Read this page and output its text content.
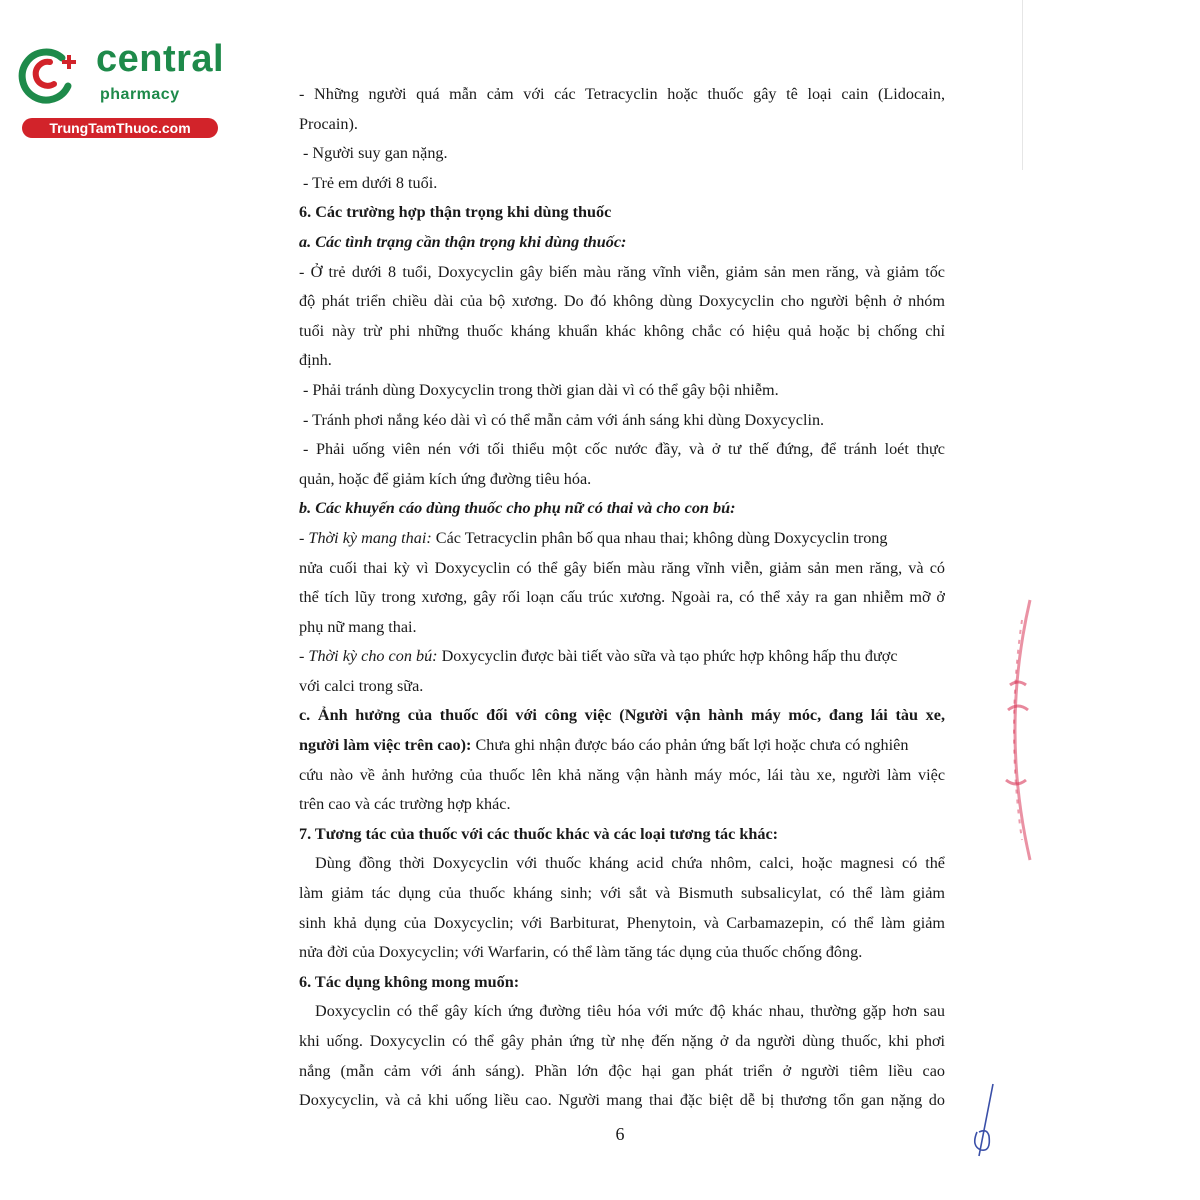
central
pharmacy
TrungTamThuoc.com
- Những người quá mẫn cảm với các Tetracyclin hoặc thuốc gây tê loại cain (Lidocain,
Procain).
- Người suy gan nặng.
- Trẻ em dưới 8 tuổi.
6. Các trường hợp thận trọng khi dùng thuốc
a. Các tình trạng cần thận trọng khi dùng thuốc:
- Ở trẻ dưới 8 tuổi, Doxycyclin gây biến màu răng vĩnh viễn, giảm sản men răng, và giảm tốc
độ phát triển chiều dài của bộ xương. Do đó không dùng Doxycyclin cho người bệnh ở nhóm
tuổi này trừ phi những thuốc kháng khuẩn khác không chắc có hiệu quả hoặc bị chống chỉ
định.
- Phải tránh dùng Doxycyclin trong thời gian dài vì có thể gây bội nhiễm.
- Tránh phơi nắng kéo dài vì có thể mẫn cảm với ánh sáng khi dùng Doxycyclin.
- Phải uống viên nén với tối thiểu một cốc nước đầy, và ở tư thế đứng, để tránh loét thực
quản, hoặc để giảm kích ứng đường tiêu hóa.
b. Các khuyến cáo dùng thuốc cho phụ nữ có thai và cho con bú:
- Thời kỳ mang thai: Các Tetracyclin phân bố qua nhau thai; không dùng Doxycyclin trong
nửa cuối thai kỳ vì Doxycyclin có thể gây biến màu răng vĩnh viễn, giảm sản men răng, và có
thể tích lũy trong xương, gây rối loạn cấu trúc xương. Ngoài ra, có thể xảy ra gan nhiễm mỡ ở
phụ nữ mang thai.
- Thời kỳ cho con bú: Doxycyclin được bài tiết vào sữa và tạo phức hợp không hấp thu được
với calci trong sữa.
c. Ảnh hưởng của thuốc đối với công việc (Người vận hành máy móc, đang lái tàu xe,
người làm việc trên cao): Chưa ghi nhận được báo cáo phản ứng bất lợi hoặc chưa có nghiên
cứu nào về ảnh hưởng của thuốc lên khả năng vận hành máy móc, lái tàu xe, người làm việc
trên cao và các trường hợp khác.
7. Tương tác của thuốc với các thuốc khác và các loại tương tác khác:
Dùng đồng thời Doxycyclin với thuốc kháng acid chứa nhôm, calci, hoặc magnesi có thể
làm giảm tác dụng của thuốc kháng sinh; với sắt và Bismuth subsalicylat, có thể làm giảm
sinh khả dụng của Doxycyclin; với Barbiturat, Phenytoin, và Carbamazepin, có thể làm giảm
nửa đời của Doxycyclin; với Warfarin, có thể làm tăng tác dụng của thuốc chống đông.
6. Tác dụng không mong muốn:
Doxycyclin có thể gây kích ứng đường tiêu hóa với mức độ khác nhau, thường gặp hơn sau
khi uống. Doxycyclin có thể gây phản ứng từ nhẹ đến nặng ở da người dùng thuốc, khi phơi
nắng (mẫn cảm với ánh sáng). Phần lớn độc hại gan phát triển ở người tiêm liều cao
Doxycyclin, và cả khi uống liều cao. Người mang thai đặc biệt dễ bị thương tổn gan nặng do
6
